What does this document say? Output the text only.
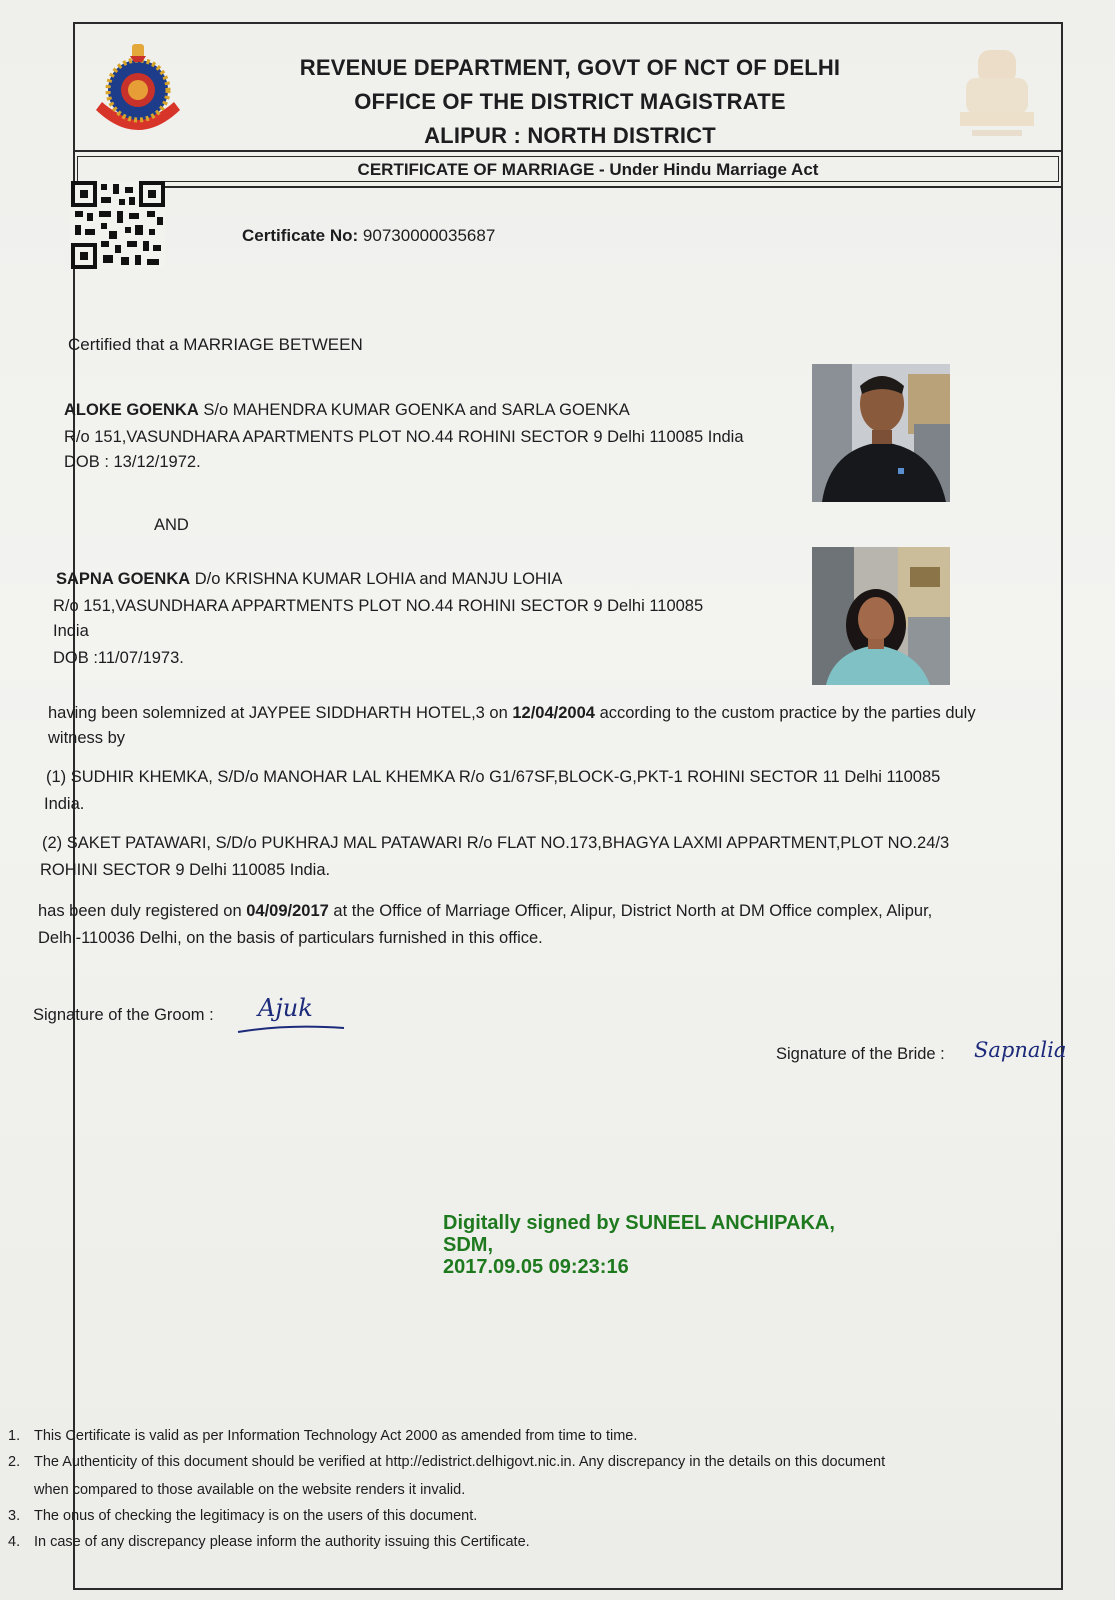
REVENUE DEPARTMENT, GOVT OF NCT OF DELHI
OFFICE OF THE DISTRICT MAGISTRATE
ALIPUR : NORTH DISTRICT
CERTIFICATE OF MARRIAGE - Under Hindu Marriage Act
Certificate No: 90730000035687
Certified that a MARRIAGE BETWEEN
ALOKE GOENKA S/o MAHENDRA KUMAR GOENKA and SARLA GOENKA
R/o 151,VASUNDHARA APARTMENTS PLOT NO.44 ROHINI SECTOR 9 Delhi 110085 India
DOB : 13/12/1972.
AND
SAPNA GOENKA D/o KRISHNA KUMAR LOHIA and MANJU LOHIA
R/o 151,VASUNDHARA APPARTMENTS PLOT NO.44 ROHINI SECTOR 9 Delhi 110085
India
DOB :11/07/1973.
having been solemnized at JAYPEE SIDDHARTH HOTEL,3 on 12/04/2004 according to the custom practice by the parties duly
witness by
(1) SUDHIR KHEMKA, S/D/o MANOHAR LAL KHEMKA R/o G1/67SF,BLOCK-G,PKT-1 ROHINI SECTOR 11 Delhi 110085
India.
(2) SAKET PATAWARI, S/D/o PUKHRAJ MAL PATAWARI R/o FLAT NO.173,BHAGYA LAXMI APPARTMENT,PLOT NO.24/3
ROHINI SECTOR 9 Delhi 110085 India.
has been duly registered on 04/09/2017 at the Office of Marriage Officer, Alipur, District North at DM Office complex, Alipur,
Delhi-110036 Delhi, on the basis of particulars furnished in this office.
Signature of the Groom : Ajuk
Signature of the Bride : Sapnalia
Digitally signed by SUNEEL ANCHIPAKA,
SDM,
2017.09.05 09:23:16
1. This Certificate is valid as per Information Technology Act 2000 as amended from time to time.
2. The Authenticity of this document should be verified at http://edistrict.delhigovt.nic.in. Any discrepancy in the details on this document
when compared to those available on the website renders it invalid.
3. The onus of checking the legitimacy is on the users of this document.
4. In case of any discrepancy please inform the authority issuing this Certificate.
